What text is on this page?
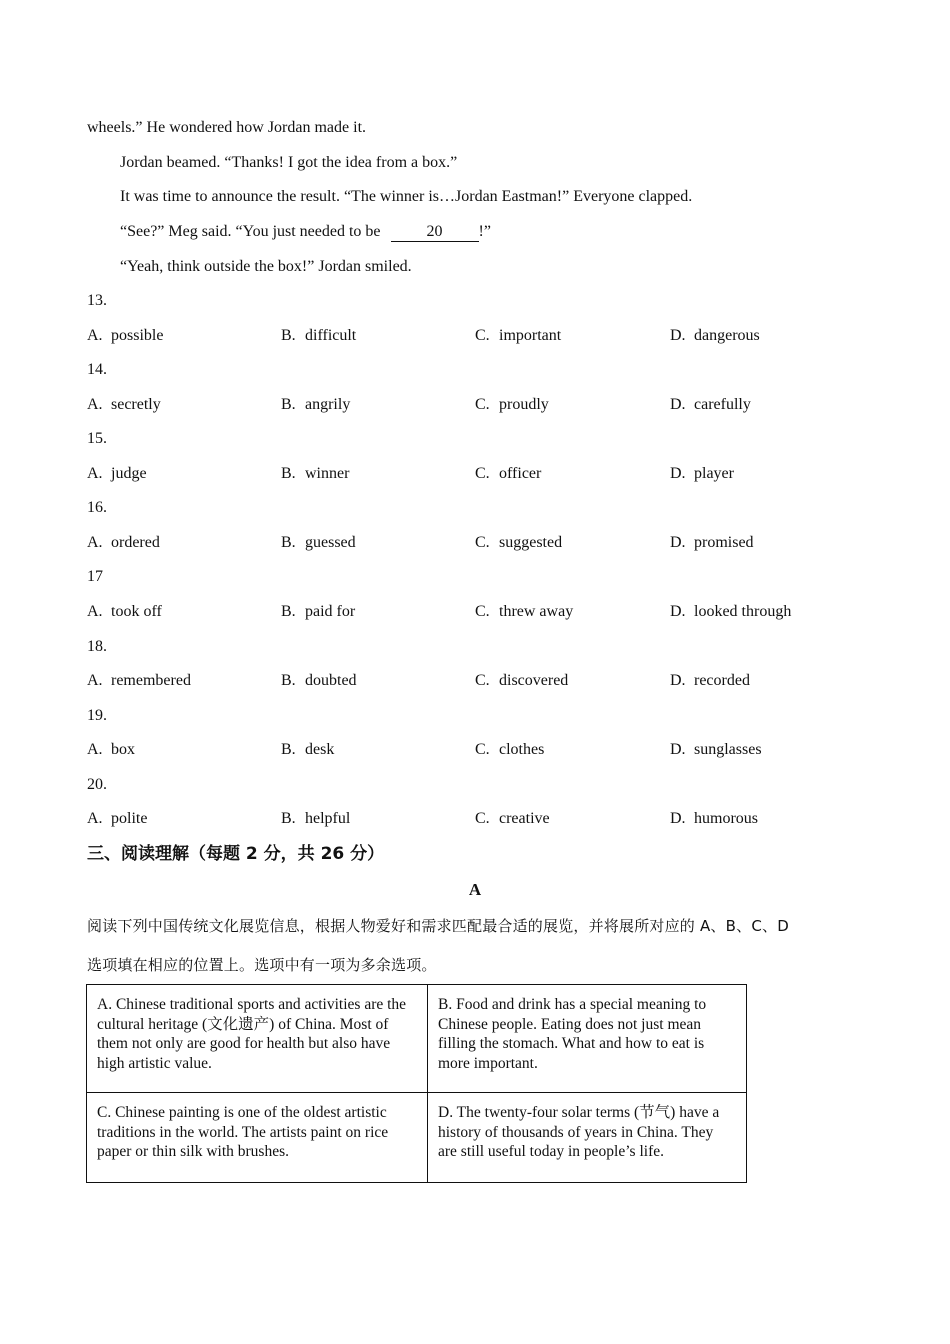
wheels.” He wondered how Jordan made it.
Jordan beamed. “Thanks! I got the idea from a box.”
It was time to announce the result. “The winner is…Jordan Eastman!” Everyone clapped.
“See?” Meg said. “You just needed to be	20 !”
“Yeah, think outside the box!” Jordan smiled.
13.
A. possible	B. difficult	C. important	D. dangerous
14.
A. secretly	B. angrily	C. proudly	D. carefully
15.
A. judge	B. winner	C. officer	D. player
16.
A. ordered	B. guessed	C. suggested	D. promised
17
A. took off	B. paid for	C. threw away	D. looked through
18.
A. remembered	B. doubted	C. discovered	D. recorded
19.
A. box	B. desk	C. clothes	D. sunglasses
20.
A. polite	B. helpful	C. creative	D. humorous
三、阅读理解（每题 2 分，共 26 分）
A
阅读下列中国传统文化展览信息，根据人物爱好和需求匹配最合适的展览，并将展所对应的 A、B、C、D
选项填在相应的位置上。选项中有一项为多余选项。
A. Chinese traditional sports and activities are the cultural heritage (文化遗产) of China. Most of them not only are good for health but also have high artistic value.	B. Food and drink has a special meaning to Chinese people. Eating does not just mean filling the stomach. What and how to eat is more important.
C. Chinese painting is one of the oldest artistic traditions in the world. The artists paint on rice paper or thin silk with brushes.	D. The twenty-four solar terms (节气) have a history of thousands of years in China. They are still useful today in people’s life.
